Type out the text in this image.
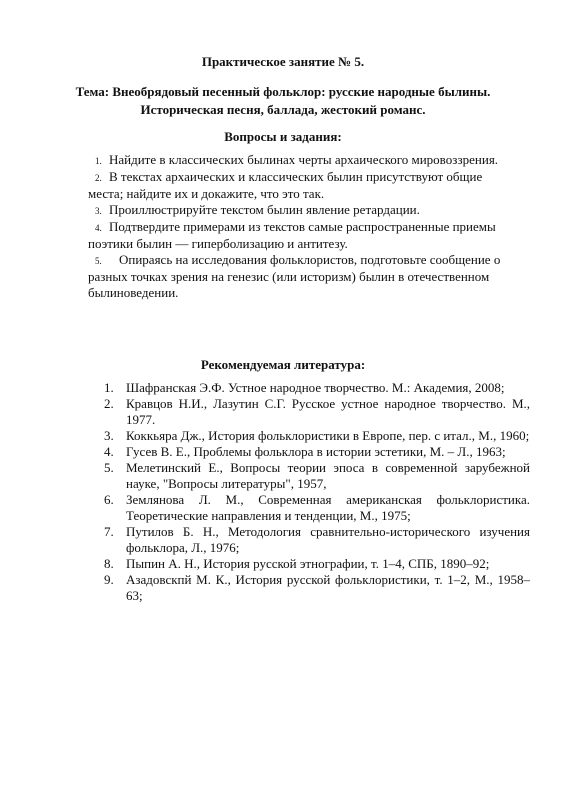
Практическое занятие № 5.
Тема: Внеобрядовый песенный фольклор: русские народные былины.
Историческая песня, баллада, жестокий романс.
Вопросы и задания:

1. Найдите в классических былинах черты архаического мировоззрения.

2. В текстах архаических и классических былин присутствуют общие места; найдите их и докажите, что это так.

3. Проиллюстрируйте текстом былин явление ретардации.

4. Подтвердите примерами из текстов самые распространенные приемы поэтики былин — гиперболизацию и антитезу.

5. Опираясь на исследования фольклористов, подготовьте сообщение о разных точках зрения на генезис (или историзм) былин в отечественном былиноведении.

Рекомендуемая литература:
1. Шафранская Э.Ф. Устное народное творчество. М.: Академия, 2008;
2. Кравцов Н.И., Лазутин С.Г. Русское устное народное творчество. М., 1977.
3. Коккьяра Дж., История фольклористики в Европе, пер. с итал., М., 1960;
4. Гусев В. Е., Проблемы фольклора в истории эстетики, М. – Л., 1963;
5. Мелетинский Е., Вопросы теории эпоса в современной зарубежной науке, "Вопросы литературы", 1957,
6. Землянова Л. М., Современная американская фольклористика. Теоретические направления и тенденции, М., 1975;
7. Путилов Б. Н., Методология сравнительно-исторического изучения фольклора, Л., 1976;
8. Пыпин А. Н., История русской этнографии, т. 1–4, СПБ, 1890–92;
9. Азадовскпй М. К., История русской фольклористики, т. 1–2, М., 1958–63;
